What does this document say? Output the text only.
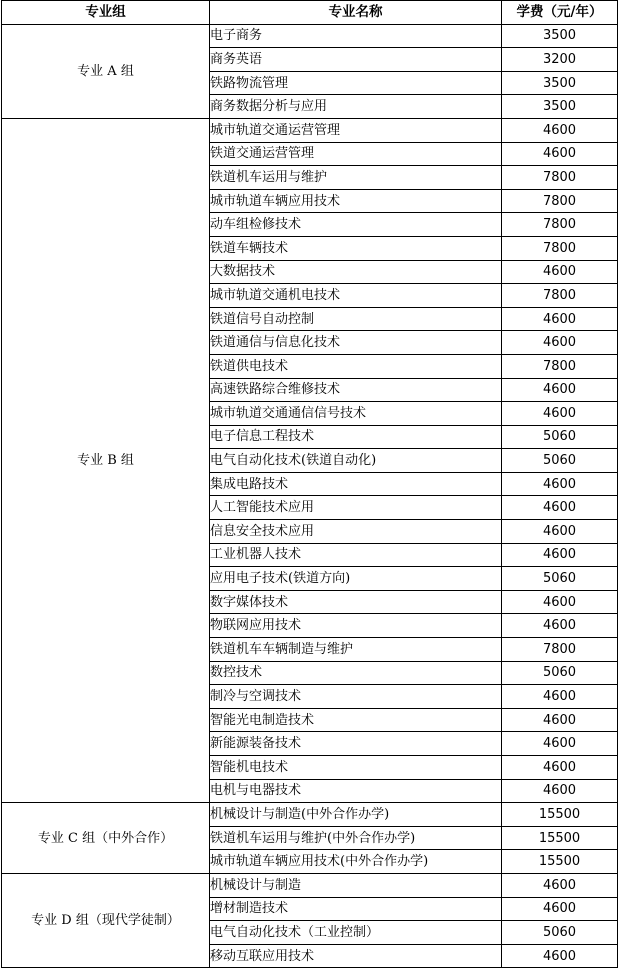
专业组	专业名称	学费（元/年）
专业 A 组	电子商务	3500
	商务英语	3200
	铁路物流管理	3500
	商务数据分析与应用	3500
专业 B 组	城市轨道交通运营管理	4600
	铁道交通运营管理	4600
	铁道机车运用与维护	7800
	城市轨道车辆应用技术	7800
	动车组检修技术	7800
	铁道车辆技术	7800
	大数据技术	4600
	城市轨道交通机电技术	7800
	铁道信号自动控制	4600
	铁道通信与信息化技术	4600
	铁道供电技术	7800
	高速铁路综合维修技术	4600
	城市轨道交通通信信号技术	4600
	电子信息工程技术	5060
	电气自动化技术(铁道自动化)	5060
	集成电路技术	4600
	人工智能技术应用	4600
	信息安全技术应用	4600
	工业机器人技术	4600
	应用电子技术(铁道方向)	5060
	数字媒体技术	4600
	物联网应用技术	4600
	铁道机车车辆制造与维护	7800
	数控技术	5060
	制冷与空调技术	4600
	智能光电制造技术	4600
	新能源装备技术	4600
	智能机电技术	4600
	电机与电器技术	4600
专业 C 组（中外合作）	机械设计与制造(中外合作办学)	15500
	铁道机车运用与维护(中外合作办学)	15500
	城市轨道车辆应用技术(中外合作办学)	15500
专业 D 组（现代学徒制）	机械设计与制造	4600
	增材制造技术	4600
	电气自动化技术（工业控制）	5060
	移动互联应用技术	4600
